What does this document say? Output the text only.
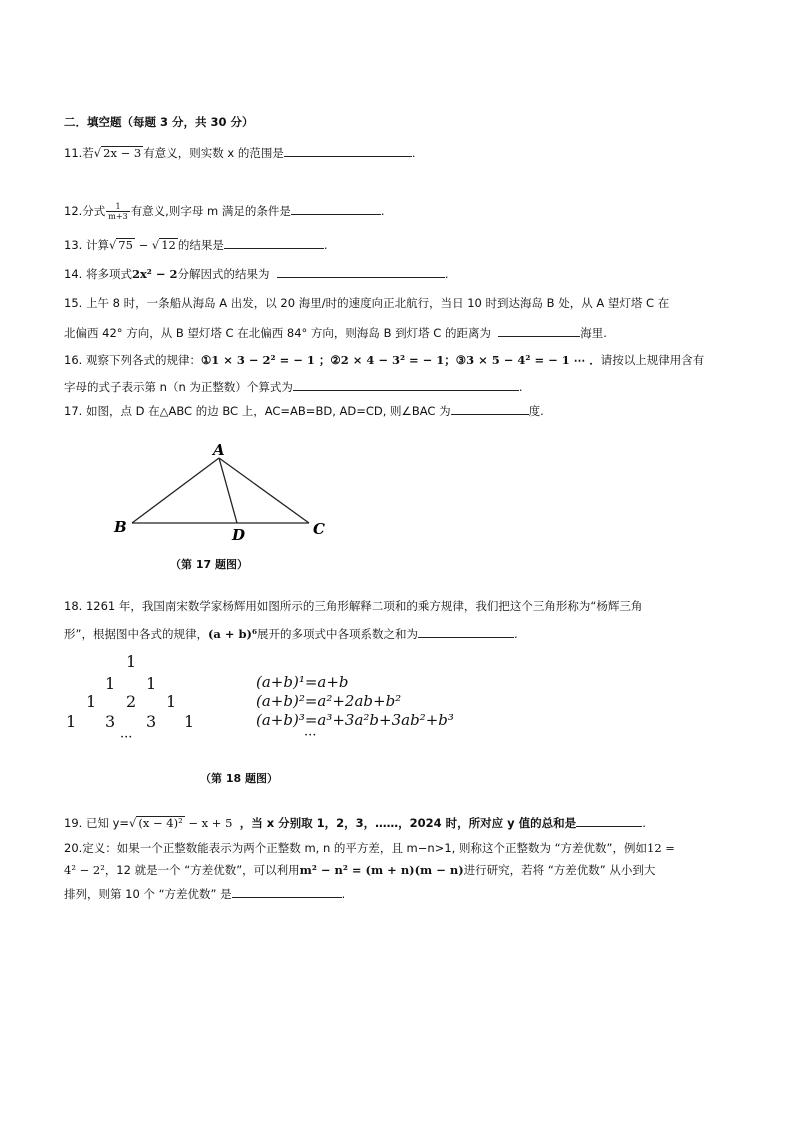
二．填空题（每题 3 分，共 30 分）
11.若√ 2x − 3 有意义，则实数 x 的范围是	.
12.分式 $\frac{1}{m+3}$ 有意义,则字母 m 满足的条件是	.
13. 计算√ 75 − √ 12 的结果是	.
14. 将多项式2x² − 2分解因式的结果为	.
15. 上午 8 时，一条船从海岛 A 出发，以 20 海里/时的速度向正北航行，当日 10 时到达海岛 B 处，从 A 望灯塔 C 在
北偏西 42° 方向，从 B 望灯塔 C 在北偏西 84° 方向，则海岛 B 到灯塔 C 的距离为	海里.
16. 观察下列各式的规律：①1 × 3 − 2² = − 1 ；②2 × 4 − 3² = − 1；③3 × 5 − 4² = − 1 ⋯ ．请按以上规律用含有
字母的式子表示第 n（n 为正整数）个算式为	.
17. 如图，点 D 在△ABC 的边 BC 上，AC=AB=BD, AD=CD, 则∠BAC 为	度.
A
B	C
D
（第 17 题图）
18. 1261 年，我国南宋数学家杨辉用如图所示的三角形解释二项和的乘方规律，我们把这个三角形称为“杨辉三角
形”，根据图中各式的规律，(a + b)⁶展开的多项式中各项系数之和为	.
1
1 1
1 2 1
1 3 3 1
···
(a+b)¹=a+b
(a+b)²=a²+2ab+b²
(a+b)³=a³+3a²b+3ab²+b³
···
（第 18 题图）
19. 已知 y=√ (x − 4)² − x + 5 ，当 x 分别取 1，2，3，……，2024 时，所对应 y 值的总和是	.
20.定义：如果一个正整数能表示为两个正整数 m, n 的平方差，且 m−n>1, 则称这个正整数为 “方差优数”，例如12 =
4² − 2²，12 就是一个 “方差优数”，可以利用m² − n² = (m + n)(m − n)进行研究，若将 “方差优数” 从小到大
排列，则第 10 个 “方差优数” 是	.
